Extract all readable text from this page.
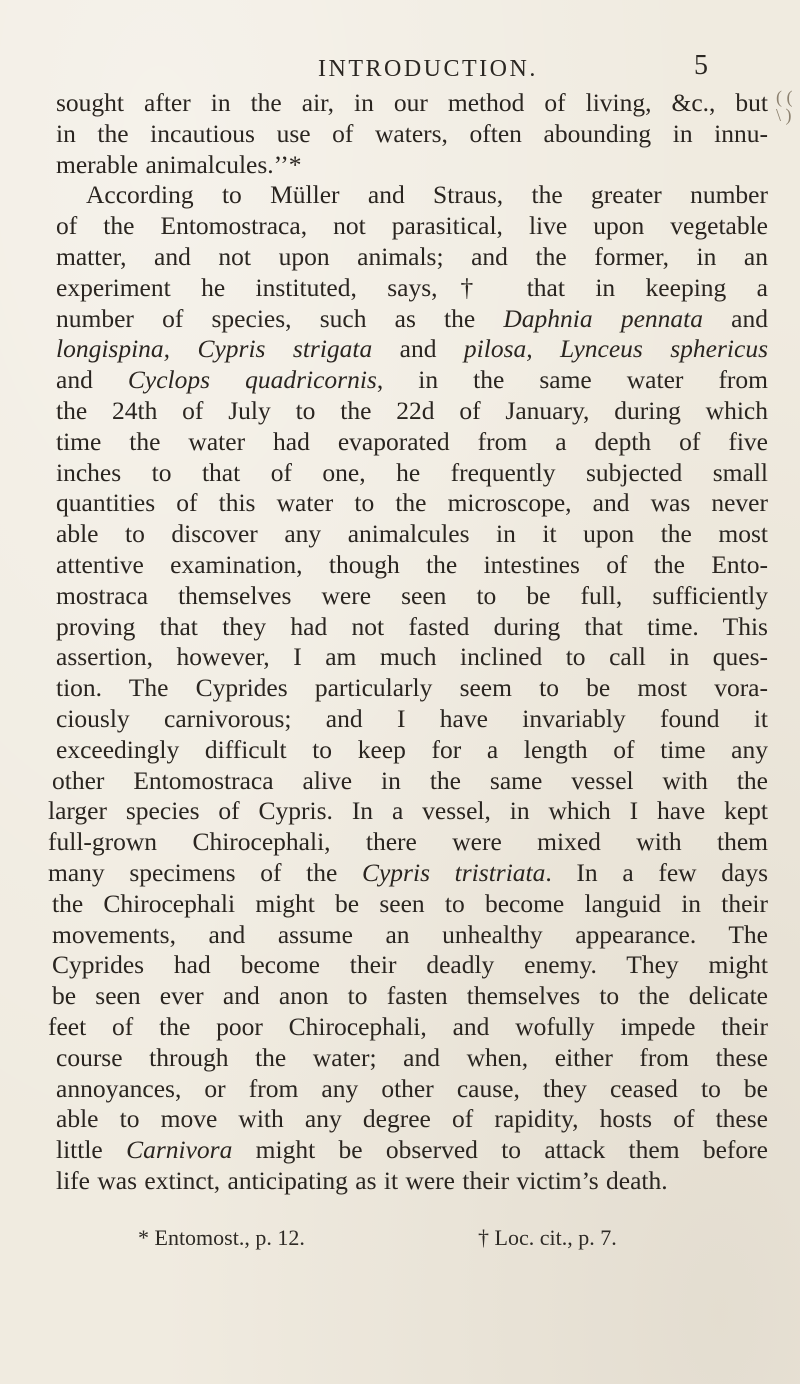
INTRODUCTION.	5
( (
\ )
sought after in the air, in our method of living, &c., but
in the incautious use of waters, often abounding in innu-
merable animalcules.’’*
According to Müller and Straus, the greater number
of the Entomostraca, not parasitical, live upon vegetable
matter, and not upon animals; and the former, in an
experiment he instituted, says,† that in keeping a
number of species, such as the Daphnia pennata and
longispina, Cypris strigata and pilosa, Lynceus sphericus
and Cyclops quadricornis, in the same water from
the 24th of July to the 22d of January, during which
time the water had evaporated from a depth of five
inches to that of one, he frequently subjected small
quantities of this water to the microscope, and was never
able to discover any animalcules in it upon the most
attentive examination, though the intestines of the Ento-
mostraca themselves were seen to be full, sufficiently
proving that they had not fasted during that time. This
assertion, however, I am much inclined to call in ques-
tion. The Cyprides particularly seem to be most vora-
ciously carnivorous; and I have invariably found it
exceedingly difficult to keep for a length of time any
other Entomostraca alive in the same vessel with the
larger species of Cypris. In a vessel, in which I have kept
full-grown Chirocephali, there were mixed with them
many specimens of the Cypris tristriata. In a few days
the Chirocephali might be seen to become languid in their
movements, and assume an unhealthy appearance. The
Cyprides had become their deadly enemy. They might
be seen ever and anon to fasten themselves to the delicate
feet of the poor Chirocephali, and wofully impede their
course through the water; and when, either from these
annoyances, or from any other cause, they ceased to be
able to move with any degree of rapidity, hosts of these
little Carnivora might be observed to attack them before
life was extinct, anticipating as it were their victim’s death.
* Entomost., p. 12.	† Loc. cit., p. 7.
